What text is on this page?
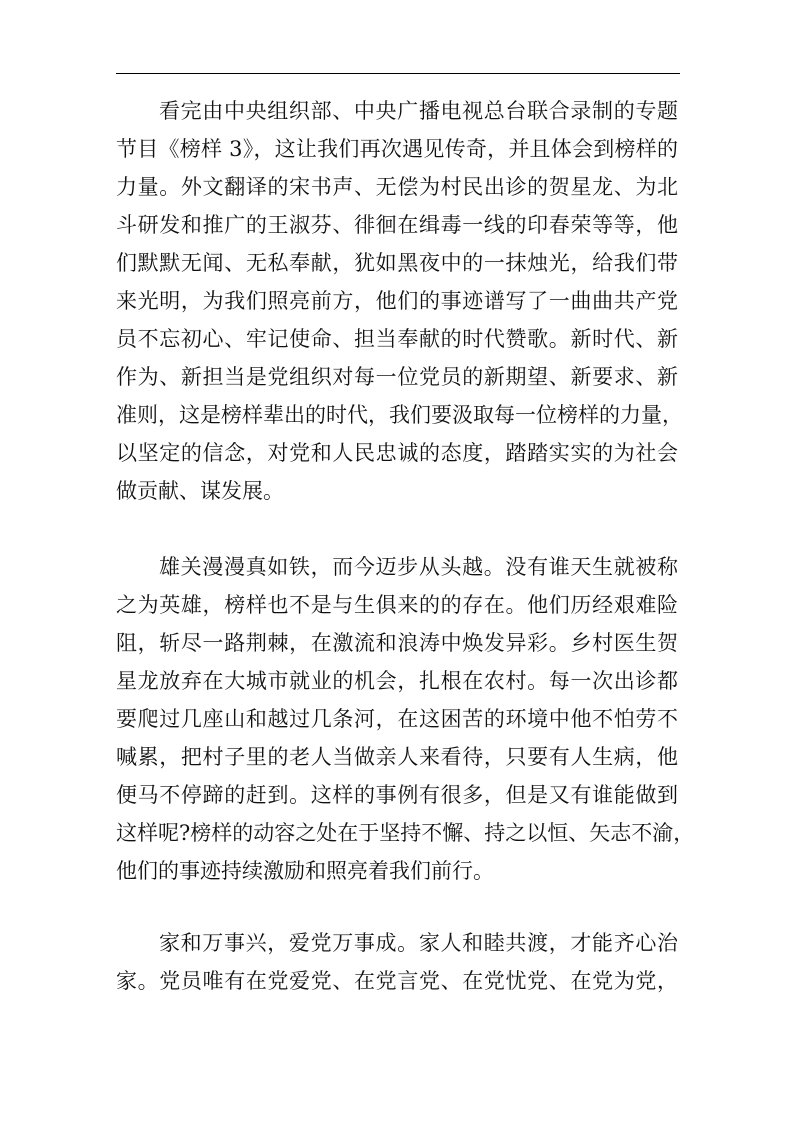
看完由中央组织部、中央广播电视总台联合录制的专题
节目《榜样 3》，这让我们再次遇见传奇，并且体会到榜样的
力量。外文翻译的宋书声、无偿为村民出诊的贺星龙、为北
斗研发和推广的王淑芬、徘徊在缉毒一线的印春荣等等，他
们默默无闻、无私奉献，犹如黑夜中的一抹烛光，给我们带
来光明，为我们照亮前方，他们的事迹谱写了一曲曲共产党
员不忘初心、牢记使命、担当奉献的时代赞歌。新时代、新
作为、新担当是党组织对每一位党员的新期望、新要求、新
准则，这是榜样辈出的时代，我们要汲取每一位榜样的力量，
以坚定的信念，对党和人民忠诚的态度，踏踏实实的为社会
做贡献、谋发展。
雄关漫漫真如铁，而今迈步从头越。没有谁天生就被称
之为英雄，榜样也不是与生俱来的的存在。他们历经艰难险
阻，斩尽一路荆棘，在激流和浪涛中焕发异彩。乡村医生贺
星龙放弃在大城市就业的机会，扎根在农村。每一次出诊都
要爬过几座山和越过几条河，在这困苦的环境中他不怕劳不
喊累，把村子里的老人当做亲人来看待，只要有人生病，他
便马不停蹄的赶到。这样的事例有很多，但是又有谁能做到
这样呢?榜样的动容之处在于坚持不懈、持之以恒、矢志不渝，
他们的事迹持续激励和照亮着我们前行。
家和万事兴，爱党万事成。家人和睦共渡，才能齐心治
家。党员唯有在党爱党、在党言党、在党忧党、在党为党，
